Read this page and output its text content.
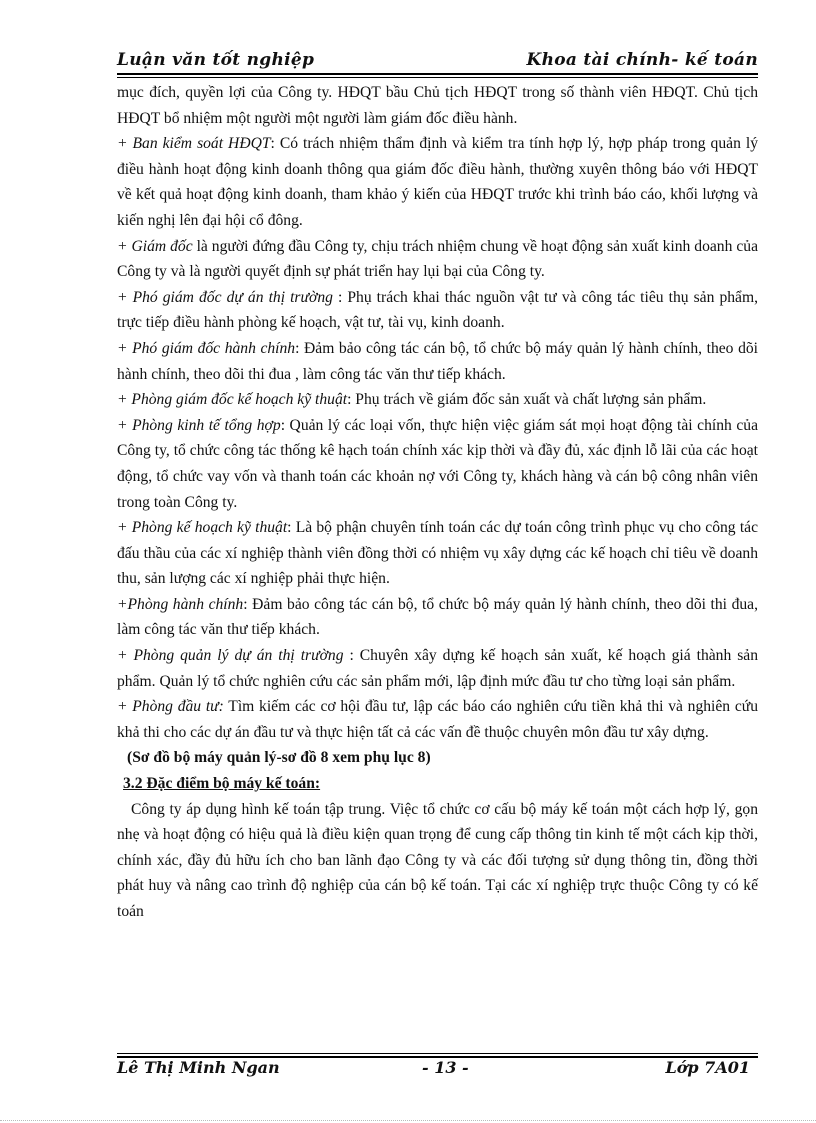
Luận văn tốt nghiệp	Khoa tài chính- kế toán

mục đích, quyền lợi của Công ty. HĐQT bầu Chủ tịch HĐQT trong số thành viên HĐQT. Chủ tịch HĐQT bổ nhiệm một người một người làm giám đốc điều hành.

+ Ban kiểm soát HĐQT: Có trách nhiệm thẩm định và kiểm tra tính hợp lý, hợp pháp trong quản lý điều hành hoạt động kinh doanh thông qua giám đốc điều hành, thường xuyên thông báo với HĐQT về kết quả hoạt động kinh doanh, tham khảo ý kiến của HĐQT trước khi trình báo cáo, khối lượng và kiến nghị lên đại hội cổ đông.

+ Giám đốc là người đứng đầu Công ty, chịu trách nhiệm chung về hoạt động sản xuất kinh doanh của Công ty và là người quyết định sự phát triển hay lụi bại của Công ty.

+ Phó giám đốc dự án thị trường : Phụ trách khai thác nguồn vật tư và công tác tiêu thụ sản phẩm, trực tiếp điều hành phòng kế hoạch, vật tư, tài vụ, kinh doanh.

+ Phó giám đốc hành chính: Đảm bảo công tác cán bộ, tổ chức bộ máy quản lý hành chính, theo dõi hành chính, theo dõi thi đua , làm công tác văn thư tiếp khách.

+ Phòng giám đốc kế hoạch kỹ thuật: Phụ trách về giám đốc sản xuất và chất lượng sản phẩm.

+ Phòng kinh tế tổng hợp: Quản lý các loại vốn, thực hiện việc giám sát mọi hoạt động tài chính của Công ty, tổ chức công tác thống kê hạch toán chính xác kịp thời và đầy đủ, xác định lỗ lãi của các hoạt động, tổ chức vay vốn và thanh toán các khoản nợ với Công ty, khách hàng và cán bộ công nhân viên trong toàn Công ty.

+ Phòng kế hoạch kỹ thuật: Là bộ phận chuyên tính toán các dự toán công trình phục vụ cho công tác đấu thầu của các xí nghiệp thành viên đồng thời có nhiệm vụ xây dựng các kế hoạch chỉ tiêu về doanh thu, sản lượng các xí nghiệp phải thực hiện.

+Phòng hành chính: Đảm bảo công tác cán bộ, tổ chức bộ máy quản lý hành chính, theo dõi thi đua, làm công tác văn thư tiếp khách.

+ Phòng quản lý dự án thị trường : Chuyên xây dựng kế hoạch sản xuất, kế hoạch giá thành sản phẩm. Quản lý tổ chức nghiên cứu các sản phẩm mới, lập định mức đầu tư cho từng loại sản phẩm.

+ Phòng đầu tư: Tìm kiếm các cơ hội đầu tư, lập các báo cáo nghiên cứu tiền khả thi và nghiên cứu khả thi cho các dự án đầu tư và thực hiện tất cả các vấn đề thuộc chuyên môn đầu tư xây dựng.

(Sơ đồ bộ máy quản lý-sơ đồ 8 xem phụ lục 8)

3.2 Đặc điểm bộ máy kế toán:

Công ty áp dụng hình kế toán tập trung. Việc tổ chức cơ cấu bộ máy kế toán một cách hợp lý, gọn nhẹ và hoạt động có hiệu quả là điều kiện quan trọng để cung cấp thông tin kinh tế một cách kịp thời, chính xác, đầy đủ hữu ích cho ban lãnh đạo Công ty và các đối tượng sử dụng thông tin, đồng thời phát huy và nâng cao trình độ nghiệp của cán bộ kế toán. Tại các xí nghiệp trực thuộc Công ty có kế toán

Lê Thị Minh Ngan	- 13 -	Lớp 7A01
